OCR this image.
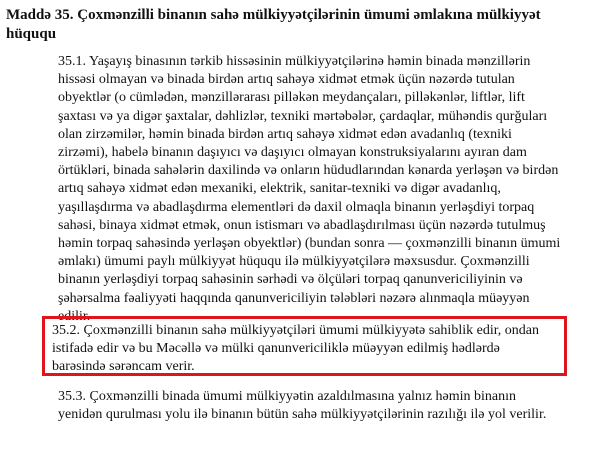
Maddə 35. Çoxmənzilli binanın sahə mülkiyyətçilərinin ümumi əmlakına mülkiyyət
hüququ

35.1. Yaşayış binasının tərkib hissəsinin mülkiyyətçilərinə həmin binada mənzillərin
hissəsi olmayan və binada birdən artıq sahəyə xidmət etmək üçün nəzərdə tutulan
obyektlər (o cümlədən, mənzillərarası pilləkən meydançaları, pilləkənlər, liftlər, lift
şaxtası və ya digər şaxtalar, dəhlizlər, texniki mərtəbələr, çardaqlar, mühəndis qurğuları
olan zirzəmilər, həmin binada birdən artıq sahəyə xidmət edən avadanlıq (texniki
zirzəmi), habelə binanın daşıyıcı və daşıyıcı olmayan konstruksiyalarını ayıran dam
örtükləri, binada sahələrin daxilində və onların hüdudlarından kənarda yerləşən və birdən
artıq sahəyə xidmət edən mexaniki, elektrik, sanitar-texniki və digər avadanlıq,
yaşıllaşdırma və abadlaşdırma elementləri də daxil olmaqla binanın yerləşdiyi torpaq
sahəsi, binaya xidmət etmək, onun istismarı və abadlaşdırılması üçün nəzərdə tutulmuş
həmin torpaq sahəsində yerləşən obyektlər) (bundan sonra — çoxmənzilli binanın ümumi
əmlakı) ümumi paylı mülkiyyət hüququ ilə mülkiyyətçilərə məxsusdur. Çoxmənzilli
binanın yerləşdiyi torpaq sahəsinin sərhədi və ölçüləri torpaq qanunvericiliyinin və
şəhərsalma fəaliyyəti haqqında qanunvericiliyin tələbləri nəzərə alınmaqla müəyyən
edilir.

35.2. Çoxmənzilli binanın sahə mülkiyyətçiləri ümumi mülkiyyətə sahiblik edir, ondan
istifadə edir və bu Məcəllə və mülki qanunvericiliklə müəyyən edilmiş hədlərdə
barəsində sərəncam verir.

35.3. Çoxmənzilli binada ümumi mülkiyyətin azaldılmasına yalnız həmin binanın
yenidən qurulması yolu ilə binanın bütün sahə mülkiyyətçilərinin razılığı ilə yol verilir.
